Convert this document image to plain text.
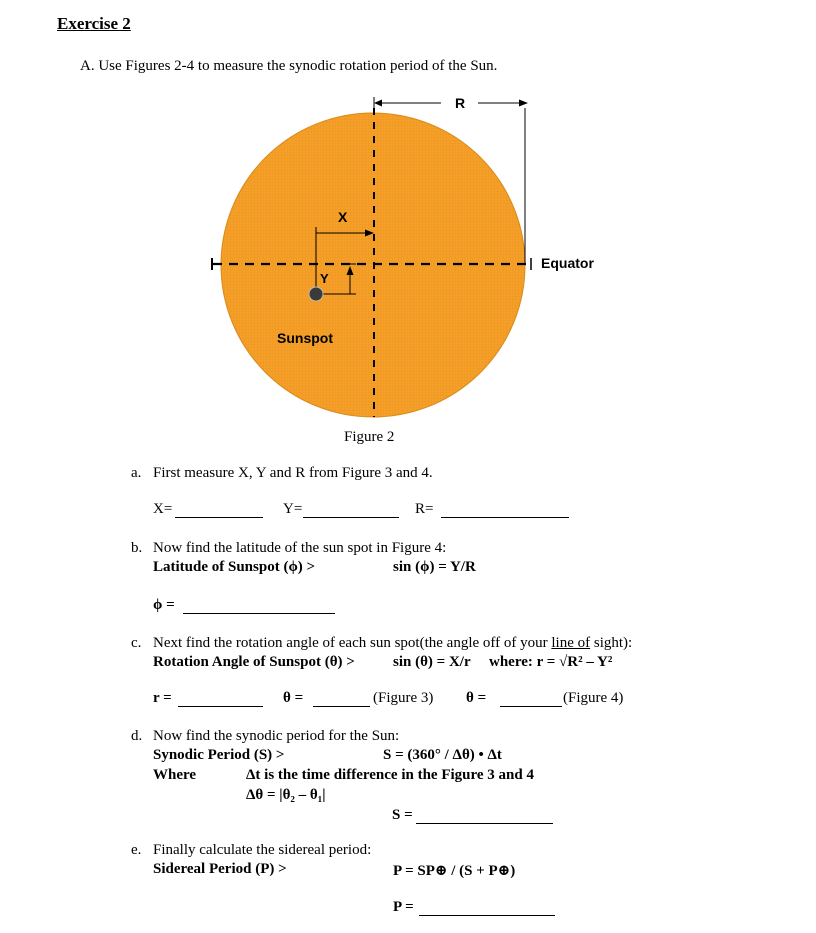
Exercise 2
A. Use Figures 2-4 to measure the synodic rotation period of the Sun.
R
Equator
X
Y
Sunspot
Figure 2
a. First measure X, Y and R from Figure 3 and 4.
X=	Y=	R=
b. Now find the latitude of the sun spot in Figure 4:
Latitude of Sunspot (ϕ) >	sin (ϕ) = Y/R
ϕ =
c. Next find the rotation angle of each sun spot(the angle off of your line of sight):
Rotation Angle of Sunspot (θ) >	sin (θ) = X/r where: r = √R² – Y²
r =	θ =	(Figure 3) θ =	(Figure 4)
d. Now find the synodic period for the Sun:
Synodic Period (S) >	S = (360° / Δθ) • Δt
Where	Δt is the time difference in the Figure 3 and 4
Δθ = |θ₂ – θ₁|
S =
e. Finally calculate the sidereal period:
Sidereal Period (P) >	P = SP⊕ / (S + P⊕)
P =
